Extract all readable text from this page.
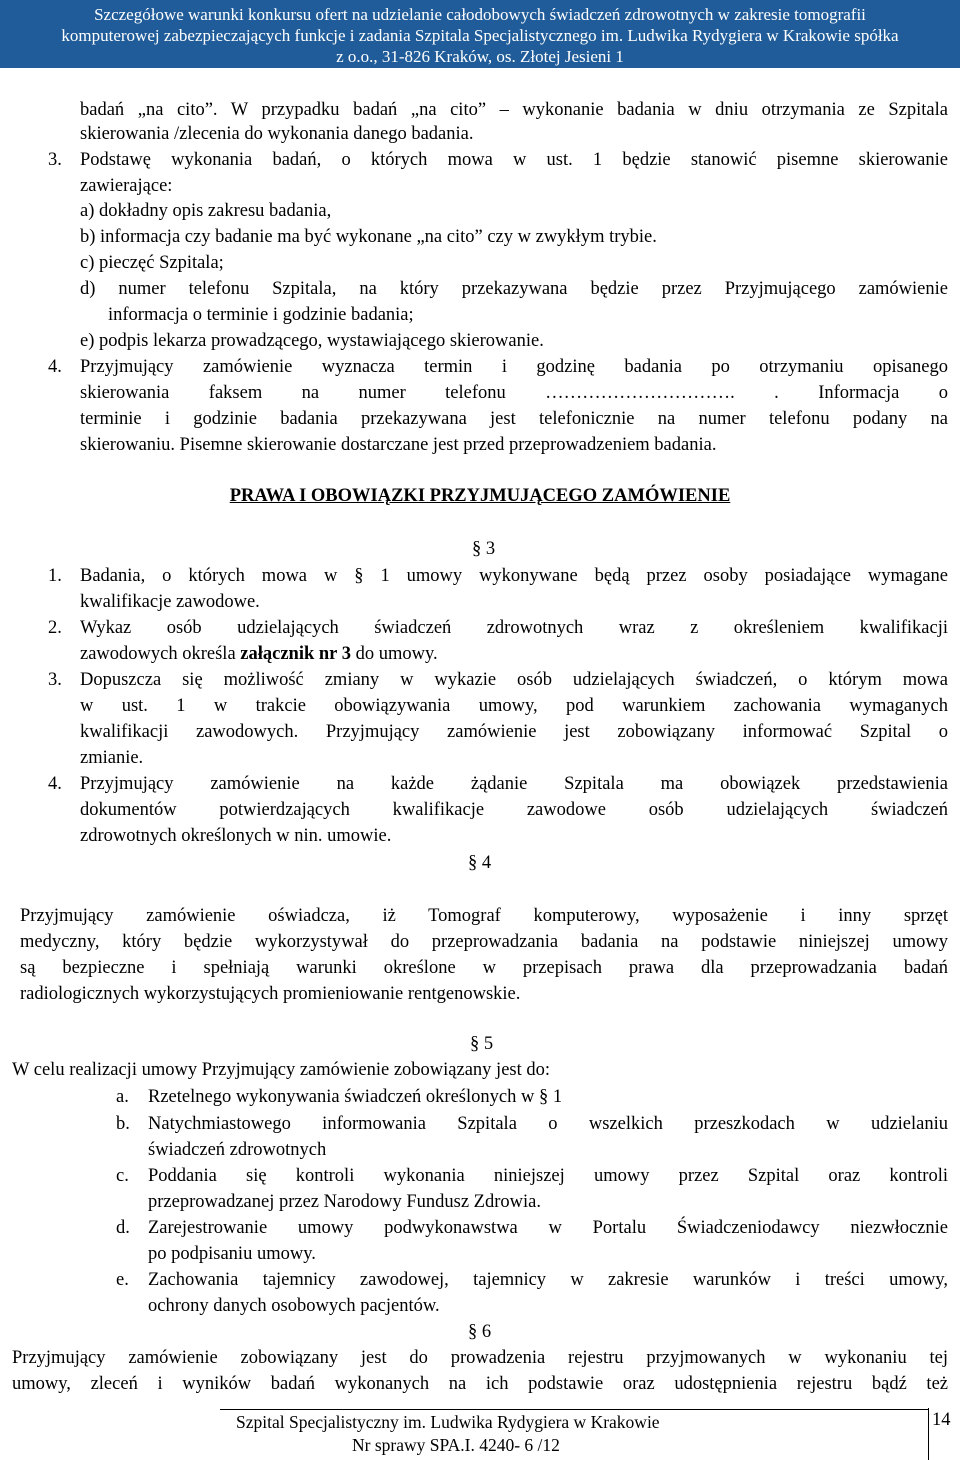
Szczegółowe warunki konkursu ofert na udzielanie całodobowych świadczeń zdrowotnych w zakresie tomografii
komputerowej zabezpieczających funkcje i zadania Szpitala Specjalistycznego im. Ludwika Rydygiera w Krakowie spółka
z o.o., 31-826 Kraków, os. Złotej Jesieni 1
badań „na cito”. W przypadku badań „na cito” – wykonanie badania w dniu otrzymania ze Szpitala
skierowania /zlecenia do wykonania danego badania.
3. Podstawę wykonania badań, o których mowa w ust. 1 będzie stanowić pisemne skierowanie
zawierające:
a) dokładny opis zakresu badania,
b) informacja czy badanie ma być wykonane „na cito” czy w zwykłym trybie.
c) pieczęć Szpitala;
d) numer telefonu Szpitala, na który przekazywana będzie przez Przyjmującego zamówienie
informacja o terminie i godzinie badania;
e) podpis lekarza prowadzącego, wystawiającego skierowanie.
4. Przyjmujący zamówienie wyznacza termin i godzinę badania po otrzymaniu opisanego
skierowania faksem na numer telefonu …………………………. . Informacja o
terminie i godzinie badania przekazywana jest telefonicznie na numer telefonu podany na
skierowaniu. Pisemne skierowanie dostarczane jest przed przeprowadzeniem badania.
PRAWA I OBOWIĄZKI PRZYJMUJĄCEGO ZAMÓWIENIE
§ 3
1. Badania, o których mowa w § 1 umowy wykonywane będą przez osoby posiadające wymagane
kwalifikacje zawodowe.
2. Wykaz osób udzielających świadczeń zdrowotnych wraz z określeniem kwalifikacji
zawodowych określa załącznik nr 3 do umowy.
3. Dopuszcza się możliwość zmiany w wykazie osób udzielających świadczeń, o którym mowa
w ust. 1 w trakcie obowiązywania umowy, pod warunkiem zachowania wymaganych
kwalifikacji zawodowych. Przyjmujący zamówienie jest zobowiązany informować Szpital o
zmianie.
4. Przyjmujący zamówienie na każde żądanie Szpitala ma obowiązek przedstawienia
dokumentów potwierdzających kwalifikacje zawodowe osób udzielających świadczeń
zdrowotnych określonych w nin. umowie.
§ 4
Przyjmujący zamówienie oświadcza, iż Tomograf komputerowy, wyposażenie i inny sprzęt
medyczny, który będzie wykorzystywał do przeprowadzania badania na podstawie niniejszej umowy
są bezpieczne i spełniają warunki określone w przepisach prawa dla przeprowadzania badań
radiologicznych wykorzystujących promieniowanie rentgenowskie.
§ 5
W celu realizacji umowy Przyjmujący zamówienie zobowiązany jest do:
a. Rzetelnego wykonywania świadczeń określonych w § 1
b. Natychmiastowego informowania Szpitala o wszelkich przeszkodach w udzielaniu
świadczeń zdrowotnych
c. Poddania się kontroli wykonania niniejszej umowy przez Szpital oraz kontroli
przeprowadzanej przez Narodowy Fundusz Zdrowia.
d. Zarejestrowanie umowy podwykonawstwa w Portalu Świadczeniodawcy niezwłocznie
po podpisaniu umowy.
e. Zachowania tajemnicy zawodowej, tajemnicy w zakresie warunków i treści umowy,
ochrony danych osobowych pacjentów.
§ 6
Przyjmujący zamówienie zobowiązany jest do prowadzenia rejestru przyjmowanych w wykonaniu tej
umowy, zleceń i wyników badań wykonanych na ich podstawie oraz udostępnienia rejestru bądź też
Szpital Specjalistyczny im. Ludwika Rydygiera w Krakowie
Nr sprawy SPA.I. 4240- 6 /12
14
